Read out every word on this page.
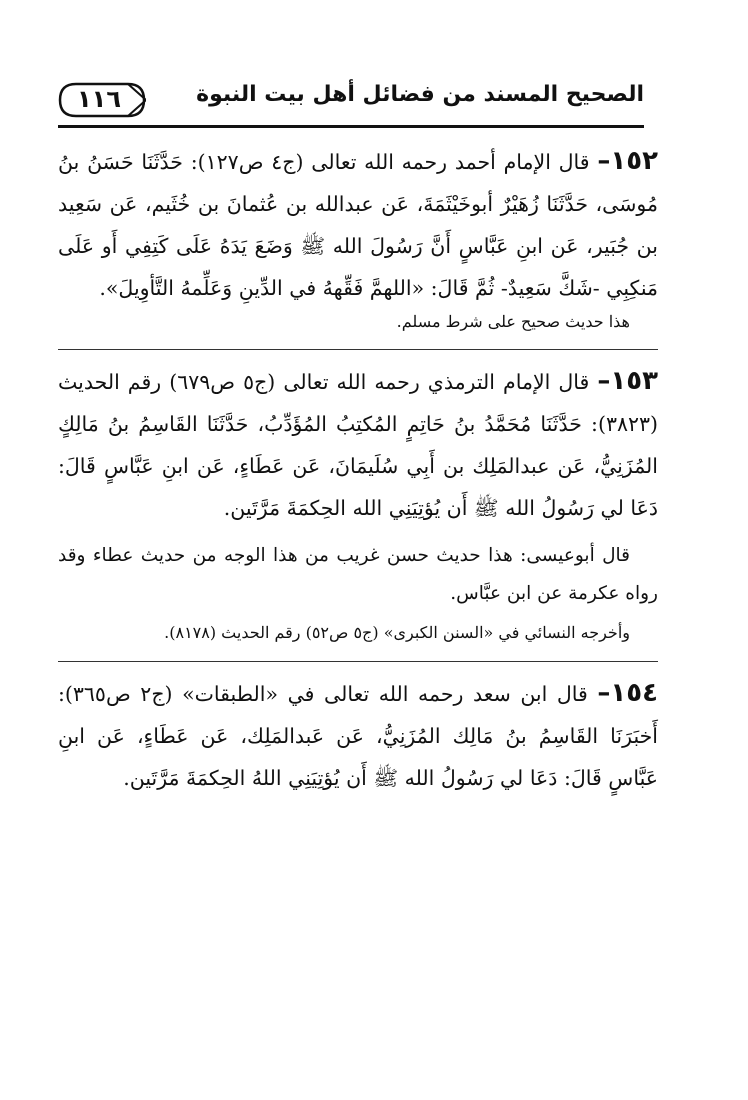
١١٦	الصحيح المسند من فضائل أهل بيت النبوة

١٥٢– قال الإمام أحمد رحمه الله تعالى (ج٤ ص١٢٧): حَدَّثَنَا حَسَنُ بنُ مُوسَى، حَدَّثَنَا زُهَيْرٌ أبوخَيْثَمَةَ، عَن عبدالله بن عُثمانَ بن خُثَيم، عَن سَعِيد بن جُبَير، عَن ابنِ عَبَّاسٍ أَنَّ رَسُولَ الله ﷺ وَضَعَ يَدَهُ عَلَى كَتِفِي أَو عَلَى مَنكِبِي -شَكَّ سَعِيدٌ- ثُمَّ قَالَ: «اللهمَّ فَقِّههُ في الدِّينِ وَعَلِّمهُ التَّأوِيلَ».

هذا حديث صحيح على شرط مسلم.

١٥٣– قال الإمام الترمذي رحمه الله تعالى (ج٥ ص٦٧٩) رقم الحديث (٣٨٢٣): حَدَّثَنَا مُحَمَّدُ بنُ حَاتِمٍ المُكتِبُ المُؤَدِّبُ، حَدَّثَنَا القَاسِمُ بنُ مَالِكٍ المُزَنِيُّ، عَن عبدالمَلِك بن أَبِي سُلَيمَانَ، عَن عَطَاءٍ، عَن ابنِ عَبَّاسٍ قَالَ: دَعَا لي رَسُولُ الله ﷺ أَن يُؤتِيَنِي الله الحِكمَةَ مَرَّتَين.

قال أبوعيسى: هذا حديث حسن غريب من هذا الوجه من حديث عطاء وقد رواه عكرمة عن ابن عبَّاس.

وأخرجه النسائي في «السنن الكبرى» (ج٥ ص٥٢) رقم الحديث (٨١٧٨).

١٥٤– قال ابن سعد رحمه الله تعالى في «الطبقات» (ج٢ ص٣٦٥): أَخبَرَنَا القَاسِمُ بنُ مَالِك المُزَنِيُّ، عَن عَبدالمَلِك، عَن عَطَاءٍ، عَن ابنِ عَبَّاسٍ قَالَ: دَعَا لي رَسُولُ الله ﷺ أَن يُؤتِيَنِي اللهُ الحِكمَةَ مَرَّتَين.
